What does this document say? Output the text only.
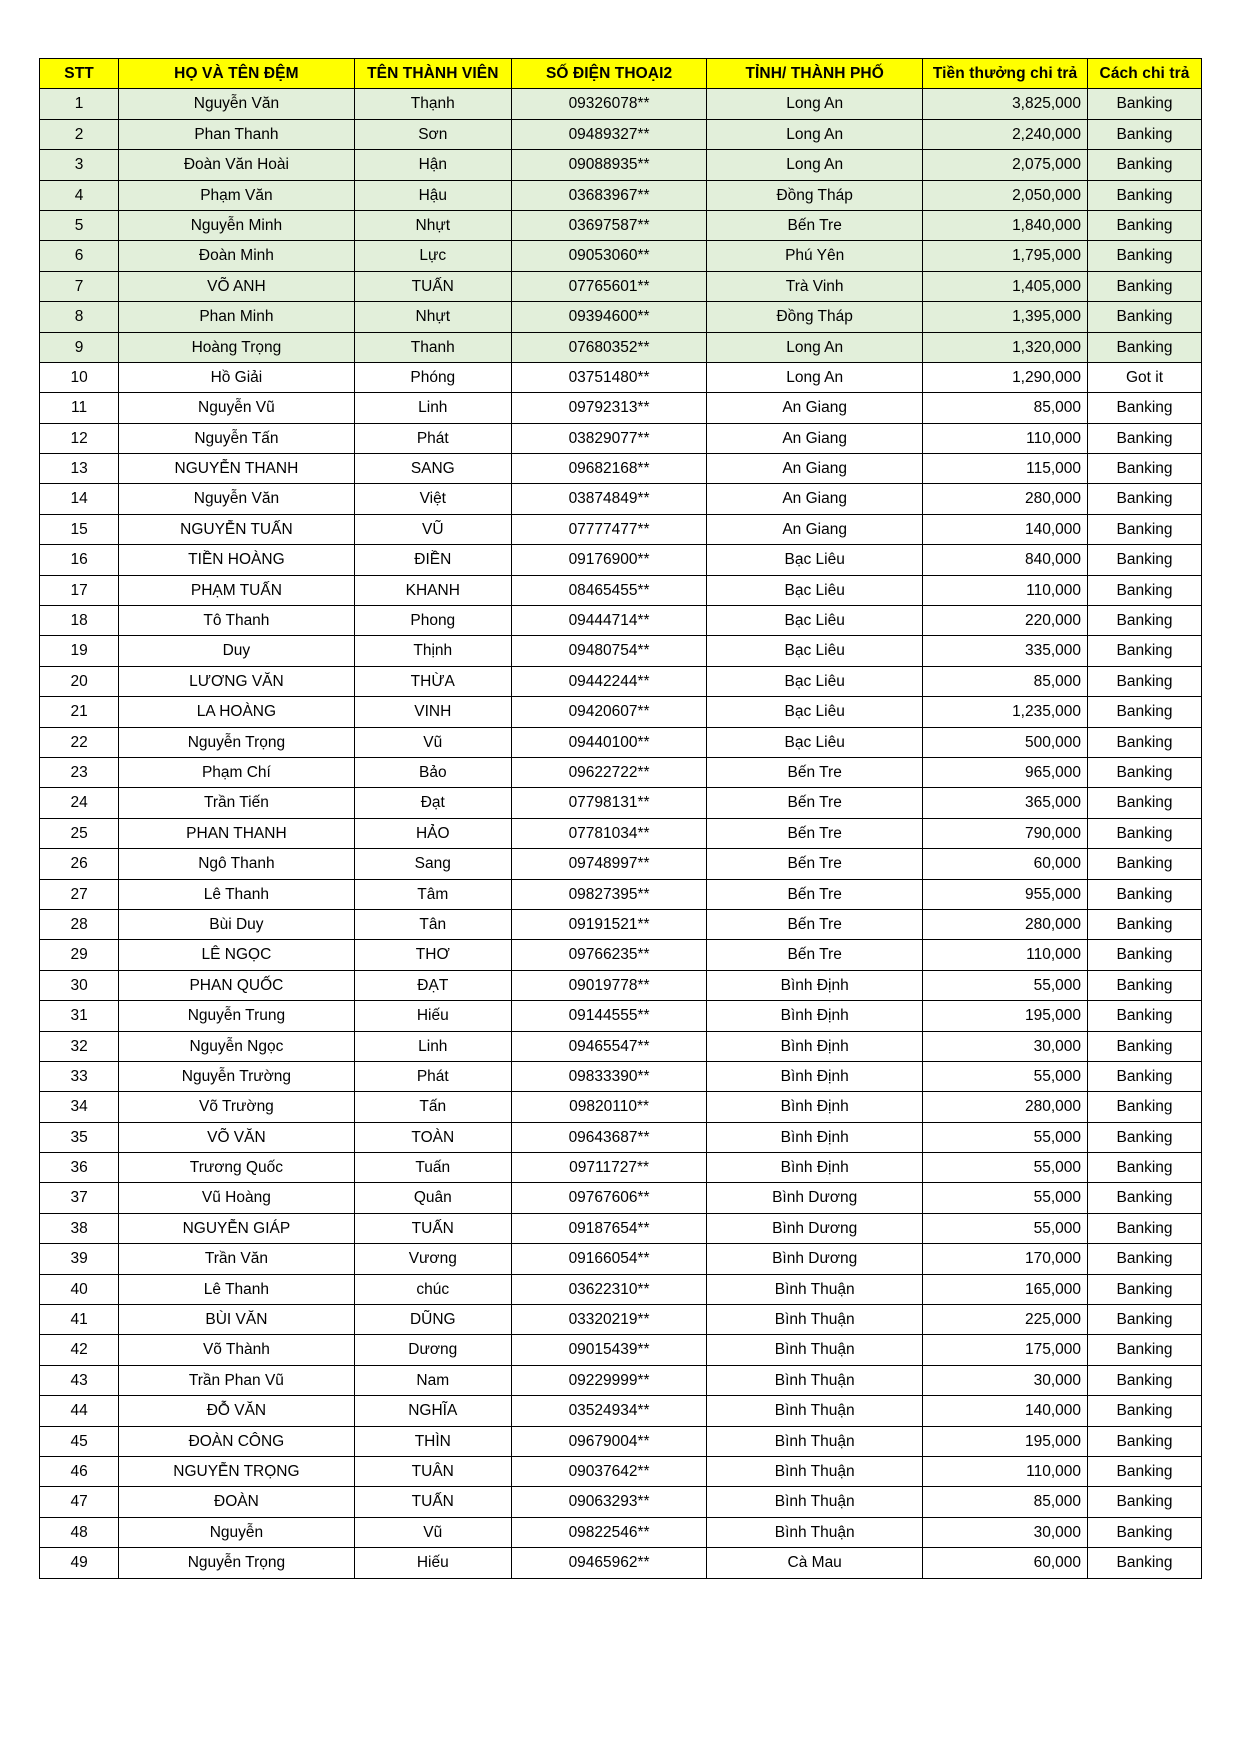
STT	HỌ VÀ TÊN ĐỆM	TÊN THÀNH VIÊN	SỐ ĐIỆN THOẠI2	TỈNH/ THÀNH PHỐ	Tiền thưởng chi trả	Cách chi trả
1	Nguyễn Văn	Thạnh	09326078**	Long An	3,825,000	Banking
2	Phan Thanh	Sơn	09489327**	Long An	2,240,000	Banking
3	Đoàn Văn Hoài	Hận	09088935**	Long An	2,075,000	Banking
4	Phạm Văn	Hậu	03683967**	Đồng Tháp	2,050,000	Banking
5	Nguyễn Minh	Nhựt	03697587**	Bến Tre	1,840,000	Banking
6	Đoàn Minh	Lực	09053060**	Phú Yên	1,795,000	Banking
7	VÕ ANH	TUẤN	07765601**	Trà Vinh	1,405,000	Banking
8	Phan Minh	Nhựt	09394600**	Đồng Tháp	1,395,000	Banking
9	Hoàng Trọng	Thanh	07680352**	Long An	1,320,000	Banking
10	Hồ Giải	Phóng	03751480**	Long An	1,290,000	Got it
11	Nguyễn Vũ	Linh	09792313**	An Giang	85,000	Banking
12	Nguyễn Tấn	Phát	03829077**	An Giang	110,000	Banking
13	NGUYỄN THANH	SANG	09682168**	An Giang	115,000	Banking
14	Nguyễn Văn	Việt	03874849**	An Giang	280,000	Banking
15	NGUYỄN TUẤN	VŨ	07777477**	An Giang	140,000	Banking
16	TIỀN HOÀNG	ĐIỀN	09176900**	Bạc Liêu	840,000	Banking
17	PHẠM TUẤN	KHANH	08465455**	Bạc Liêu	110,000	Banking
18	Tô Thanh	Phong	09444714**	Bạc Liêu	220,000	Banking
19	Duy	Thịnh	09480754**	Bạc Liêu	335,000	Banking
20	LƯƠNG VĂN	THỪA	09442244**	Bạc Liêu	85,000	Banking
21	LA HOÀNG	VINH	09420607**	Bạc Liêu	1,235,000	Banking
22	Nguyễn Trọng	Vũ	09440100**	Bạc Liêu	500,000	Banking
23	Phạm Chí	Bảo	09622722**	Bến Tre	965,000	Banking
24	Trần Tiến	Đạt	07798131**	Bến Tre	365,000	Banking
25	PHAN THANH	HẢO	07781034**	Bến Tre	790,000	Banking
26	Ngô Thanh	Sang	09748997**	Bến Tre	60,000	Banking
27	Lê Thanh	Tâm	09827395**	Bến Tre	955,000	Banking
28	Bùi Duy	Tân	09191521**	Bến Tre	280,000	Banking
29	LÊ NGỌC	THƠ	09766235**	Bến Tre	110,000	Banking
30	PHAN QUỐC	ĐẠT	09019778**	Bình Định	55,000	Banking
31	Nguyễn Trung	Hiếu	09144555**	Bình Định	195,000	Banking
32	Nguyễn Ngọc	Linh	09465547**	Bình Định	30,000	Banking
33	Nguyễn Trường	Phát	09833390**	Bình Định	55,000	Banking
34	Võ Trường	Tấn	09820110**	Bình Định	280,000	Banking
35	VÕ VĂN	TOÀN	09643687**	Bình Định	55,000	Banking
36	Trương Quốc	Tuấn	09711727**	Bình Định	55,000	Banking
37	Vũ Hoàng	Quân	09767606**	Bình Dương	55,000	Banking
38	NGUYỄN GIÁP	TUẤN	09187654**	Bình Dương	55,000	Banking
39	Trần Văn	Vương	09166054**	Bình Dương	170,000	Banking
40	Lê Thanh	chúc	03622310**	Bình Thuận	165,000	Banking
41	BÙI VĂN	DŨNG	03320219**	Bình Thuận	225,000	Banking
42	Võ Thành	Dương	09015439**	Bình Thuận	175,000	Banking
43	Trần Phan Vũ	Nam	09229999**	Bình Thuận	30,000	Banking
44	ĐỖ VĂN	NGHĨA	03524934**	Bình Thuận	140,000	Banking
45	ĐOÀN CÔNG	THÌN	09679004**	Bình Thuận	195,000	Banking
46	NGUYỄN TRỌNG	TUÂN	09037642**	Bình Thuận	110,000	Banking
47	ĐOÀN	TUẤN	09063293**	Bình Thuận	85,000	Banking
48	Nguyễn	Vũ	09822546**	Bình Thuận	30,000	Banking
49	Nguyễn Trọng	Hiếu	09465962**	Cà Mau	60,000	Banking
